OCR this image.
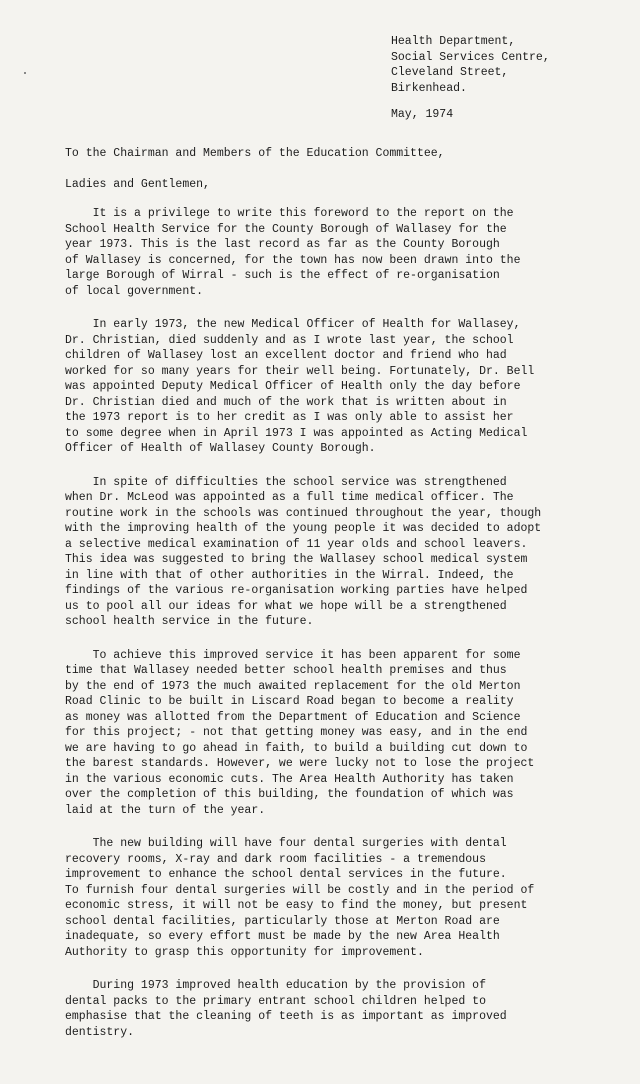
Health Department,
Social Services Centre,
Cleveland Street,
Birkenhead.
May, 1974
To the Chairman and Members of the Education Committee,
Ladies and Gentlemen,
It is a privilege to write this foreword to the report on the
School Health Service for the County Borough of Wallasey for the
year 1973. This is the last record as far as the County Borough
of Wallasey is concerned, for the town has now been drawn into the
large Borough of Wirral - such is the effect of re-organisation
of local government.
In early 1973, the new Medical Officer of Health for Wallasey,
Dr. Christian, died suddenly and as I wrote last year, the school
children of Wallasey lost an excellent doctor and friend who had
worked for so many years for their well being. Fortunately, Dr. Bell
was appointed Deputy Medical Officer of Health only the day before
Dr. Christian died and much of the work that is written about in
the 1973 report is to her credit as I was only able to assist her
to some degree when in April 1973 I was appointed as Acting Medical
Officer of Health of Wallasey County Borough.
In spite of difficulties the school service was strengthened
when Dr. McLeod was appointed as a full time medical officer. The
routine work in the schools was continued throughout the year, though
with the improving health of the young people it was decided to adopt
a selective medical examination of 11 year olds and school leavers.
This idea was suggested to bring the Wallasey school medical system
in line with that of other authorities in the Wirral. Indeed, the
findings of the various re-organisation working parties have helped
us to pool all our ideas for what we hope will be a strengthened
school health service in the future.
To achieve this improved service it has been apparent for some
time that Wallasey needed better school health premises and thus
by the end of 1973 the much awaited replacement for the old Merton
Road Clinic to be built in Liscard Road began to become a reality
as money was allotted from the Department of Education and Science
for this project; - not that getting money was easy, and in the end
we are having to go ahead in faith, to build a building cut down to
the barest standards. However, we were lucky not to lose the project
in the various economic cuts. The Area Health Authority has taken
over the completion of this building, the foundation of which was
laid at the turn of the year.
The new building will have four dental surgeries with dental
recovery rooms, X-ray and dark room facilities - a tremendous
improvement to enhance the school dental services in the future.
To furnish four dental surgeries will be costly and in the period of
economic stress, it will not be easy to find the money, but present
school dental facilities, particularly those at Merton Road are
inadequate, so every effort must be made by the new Area Health
Authority to grasp this opportunity for improvement.
During 1973 improved health education by the provision of
dental packs to the primary entrant school children helped to
emphasise that the cleaning of teeth is as important as improved
dentistry.
